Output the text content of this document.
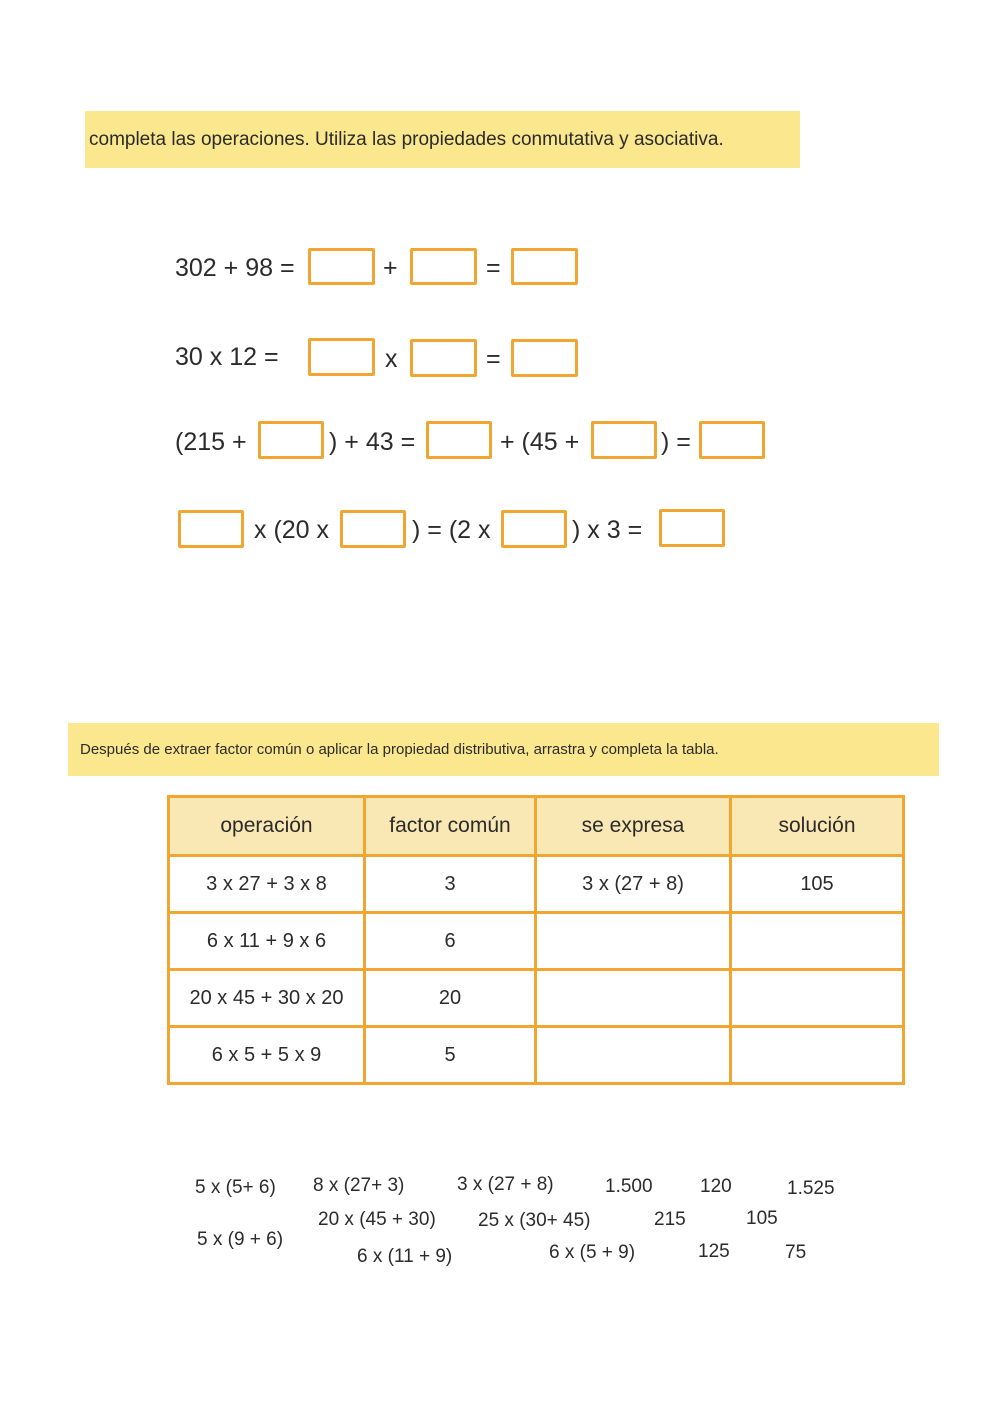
completa las operaciones. Utiliza las propiedades conmutativa y asociativa.
302 + 98 =	+	=
30 x 12 =	x	=
(215 +	) + 43 =	+ (45 +	) =
x (20 x	) = (2 x	) x 3 =
Después de extraer factor común o aplicar la propiedad distributiva, arrastra y completa la tabla.
operación	factor común	se expresa	solución
3 x 27 + 3 x 8	3	3 x (27 + 8)	105
6 x 11 + 9 x 6	6		
20 x 45 + 30 x 20	20		
6 x 5 + 5 x 9	5		
5 x (5+ 6) 8 x (27+ 3)	3 x (27 + 8)	1.500 120	1.525
20 x (45 + 30) 25 x (30+ 45)	215	105
5 x (9 + 6)
6 x (11 + 9)	6 x (5 + 9)	125	75
